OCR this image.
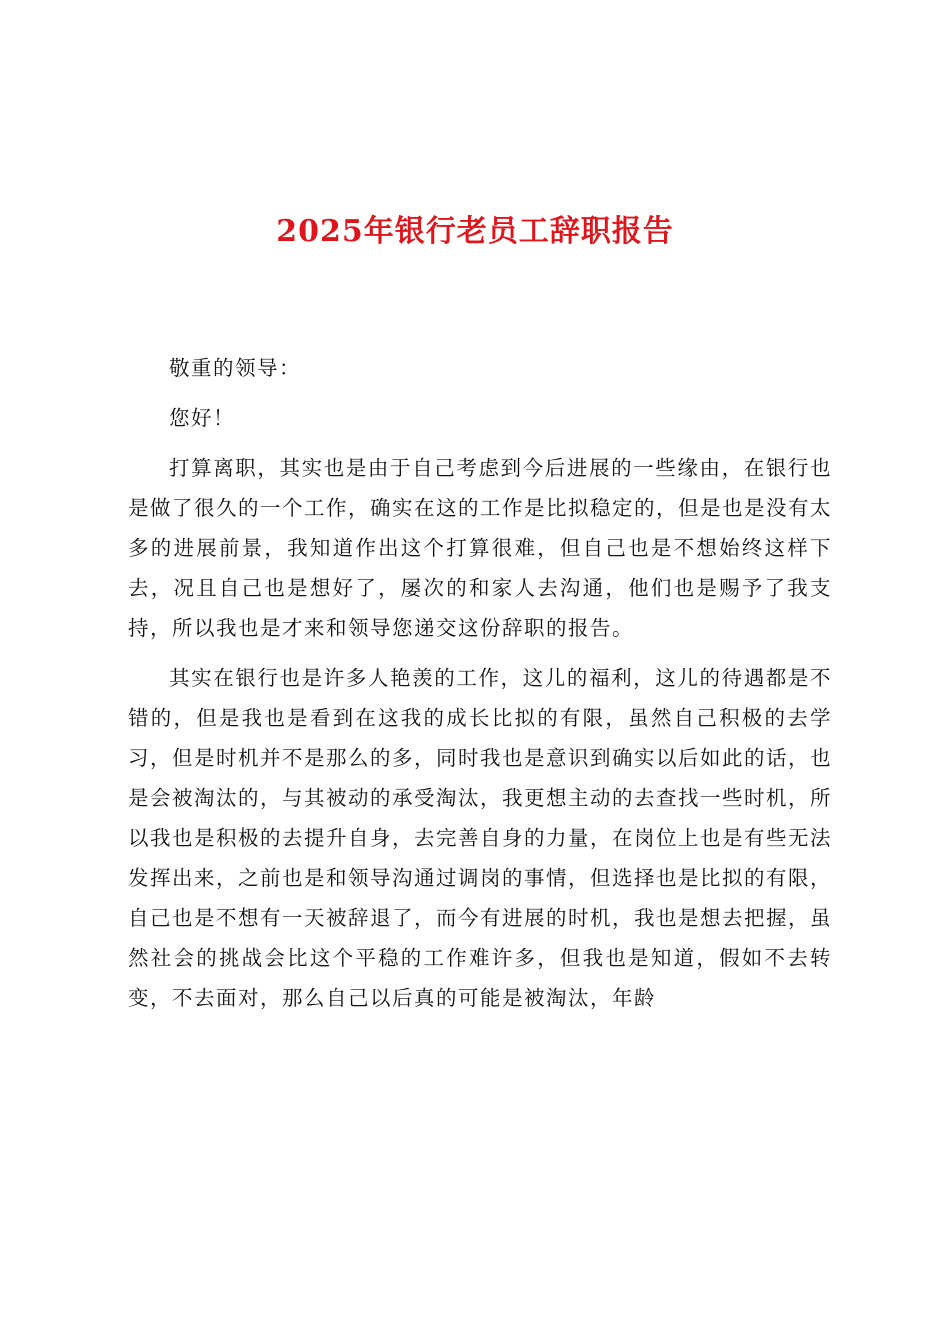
2025年银行老员工辞职报告

敬重的领导：

您好！

打算离职，其实也是由于自己考虑到今后进展的一些缘由，在银行也是做了很久的一个工作，确实在这的工作是比拟稳定的，但是也是没有太多的进展前景，我知道作出这个打算很难，但自己也是不想始终这样下去，况且自己也是想好了，屡次的和家人去沟通，他们也是赐予了我支持，所以我也是才来和领导您递交这份辞职的报告。

其实在银行也是许多人艳羡的工作，这儿的福利，这儿的待遇都是不错的，但是我也是看到在这我的成长比拟的有限，虽然自己积极的去学习，但是时机并不是那么的多，同时我也是意识到确实以后如此的话，也是会被淘汰的，与其被动的承受淘汰，我更想主动的去查找一些时机，所以我也是积极的去提升自身，去完善自身的力量，在岗位上也是有些无法发挥出来，之前也是和领导沟通过调岗的事情，但选择也是比拟的有限，自己也是不想有一天被辞退了，而今有进展的时机，我也是想去把握，虽然社会的挑战会比这个平稳的工作难许多，但我也是知道，假如不去转变，不去面对，那么自己以后真的可能是被淘汰，年龄
